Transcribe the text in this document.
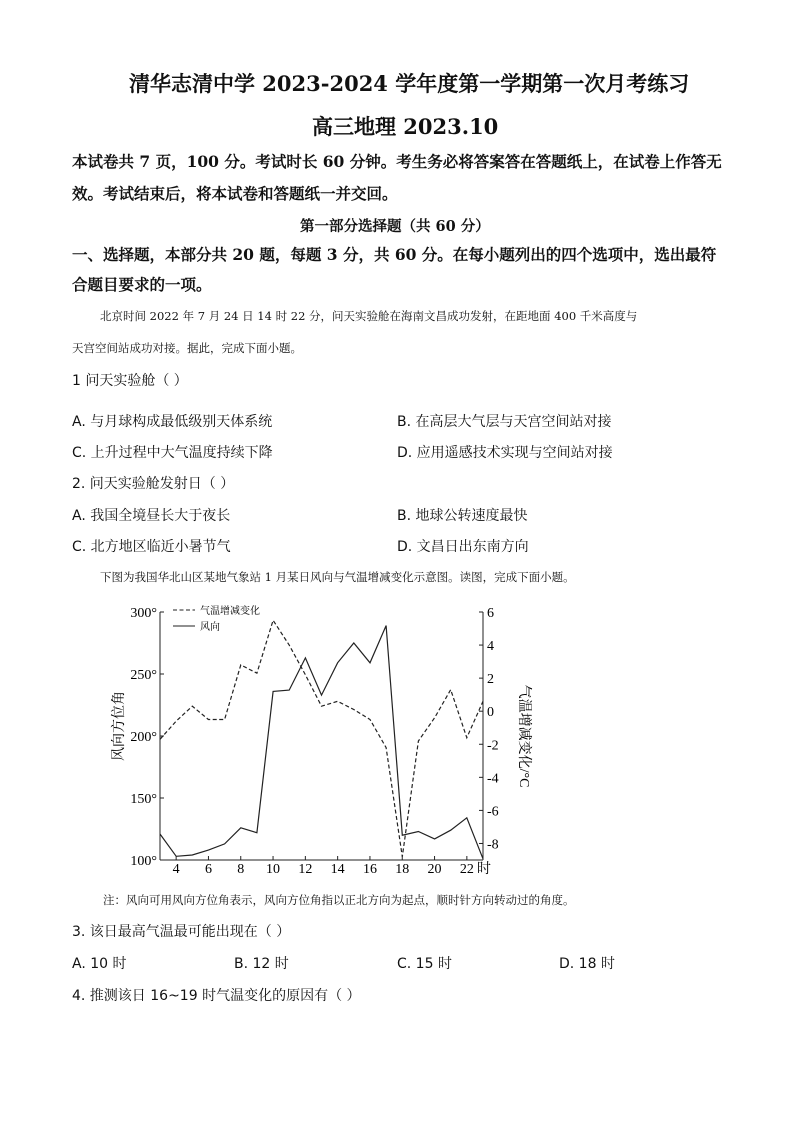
清华志清中学 2023-2024 学年度第一学期第一次月考练习
高三地理 2023.10
本试卷共 7 页，100 分。考试时长 60 分钟。考生务必将答案答在答题纸上，在试卷上作答无
效。考试结束后，将本试卷和答题纸一并交回。
第一部分选择题（共 60 分）
一、选择题，本部分共 20 题，每题 3 分，共 60 分。在每小题列出的四个选项中，选出最符
合题目要求的一项。
北京时间 2022 年 7 月 24 日 14 时 22 分，问天实验舱在海南文昌成功发射，在距地面 400 千米高度与
天宫空间站成功对接。据此，完成下面小题。
1 问天实验舱（ ）
A. 与月球构成最低级别天体系统	B. 在高层大气层与天宫空间站对接
C. 上升过程中大气温度持续下降	D. 应用遥感技术实现与空间站对接
2. 问天实验舱发射日（ ）
A. 我国全境昼长大于夜长	B. 地球公转速度最快
C. 北方地区临近小暑节气	D. 文昌日出东南方向
下图为我国华北山区某地气象站 1 月某日风向与气温增减变化示意图。读图，完成下面小题。
100°
150°
200°
250°
300°
-8
-6
-4
-2
0
2
4
6
4 6 8 10 12 14 16 18 20 22
气温增减变化
风向
风向方位角	气温增减变化/°C
时
注：风向可用风向方位角表示，风向方位角指以正北方向为起点，顺时针方向转动过的角度。
3. 该日最高气温最可能出现在（ ）
A. 10 时	B. 12 时	C. 15 时	D. 18 时
4. 推测该日 16~19 时气温变化的原因有（ ）
